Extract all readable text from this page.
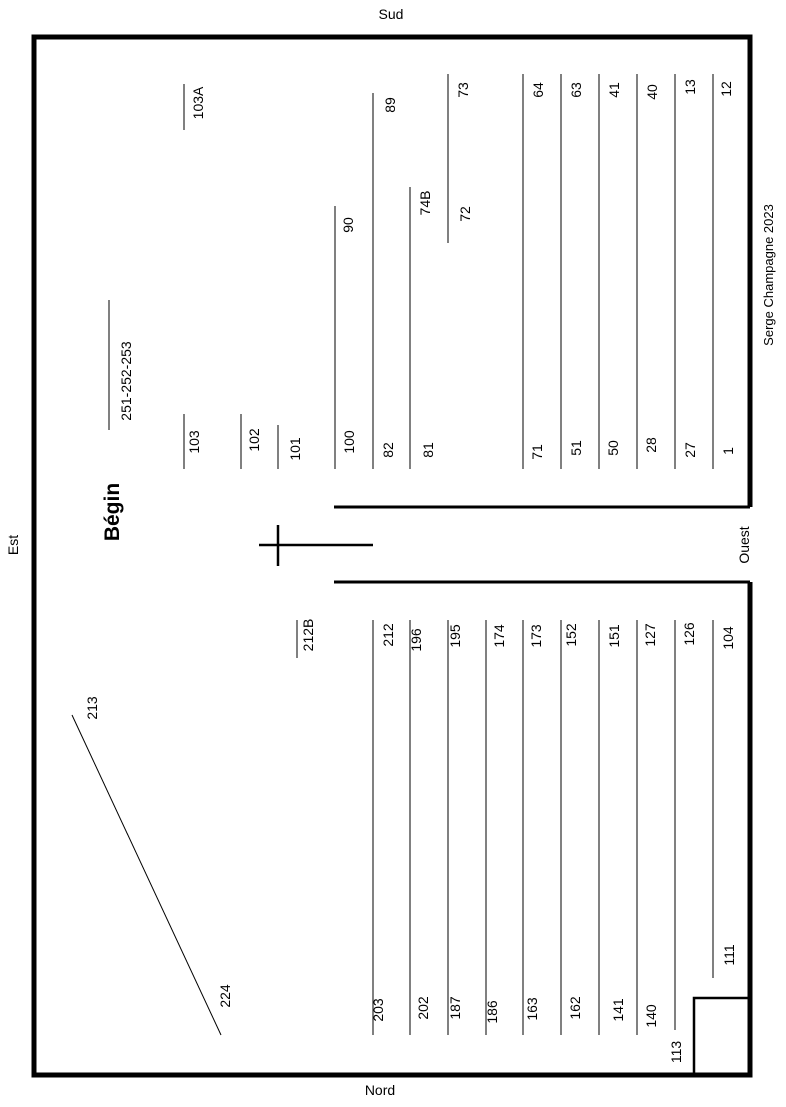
Sud
Nord
Est	Ouest
Bégin
Serge Champagne 2023
103A	89
73	64 63 41 40 13 12
90
74B 72
251-252-253
103	102 101	100 82 81	71 51 50 28 27 1
212B	212 196 195 174 173 152 151 127 126 104
213
224
203 202 187 186 163 162 141 140
113
111
